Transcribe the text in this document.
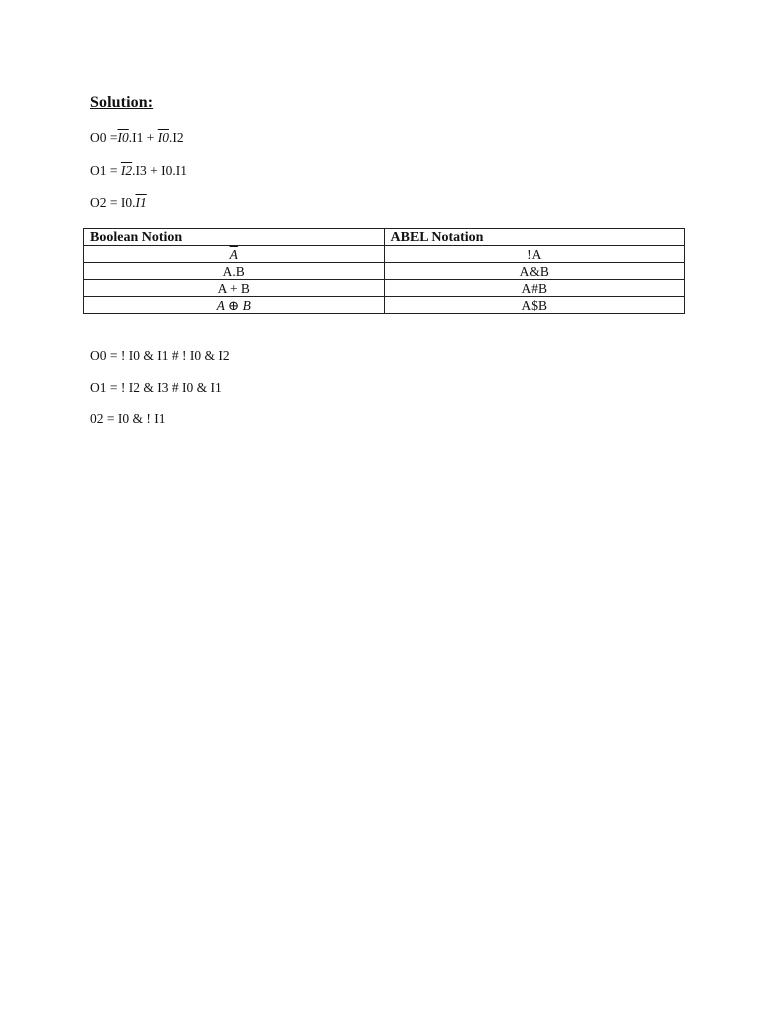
Solution:
O0 =I0.I1 + I0.I2
O1 = I2.I3 + I0.I1
O2 = I0.I1
Boolean Notion	ABEL Notation
$\overline{A}$	!A
A.B	A&B
A + B	A#B
A ⊕ B	A$B
O0 = ! I0 & I1 # ! I0 & I2
O1 = ! I2 & I3 # I0 & I1
02 = I0 & ! I1
